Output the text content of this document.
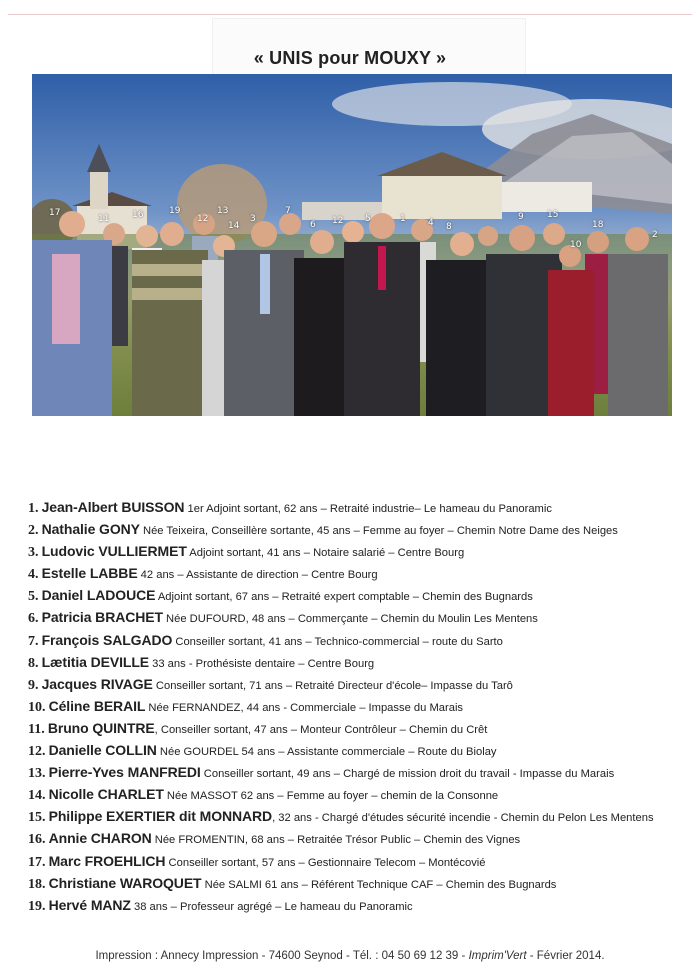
« UNIS pour MOUXY »
17
11	16	19
12
13
14
3
7
6 12 5	1 4 8
9	15
18
10
2
1. Jean-Albert BUISSON 1er Adjoint sortant, 62 ans – Retraité industrie– Le hameau du Panoramic
2. Nathalie GONY Née Teixeira, Conseillère sortante, 45 ans – Femme au foyer – Chemin Notre Dame des Neiges
3. Ludovic VULLIERMET Adjoint sortant, 41 ans – Notaire salarié – Centre Bourg
4. Estelle LABBE 42 ans – Assistante de direction – Centre Bourg
5. Daniel LADOUCE Adjoint sortant, 67 ans – Retraité expert comptable – Chemin des Bugnards
6. Patricia BRACHET Née DUFOURD, 48 ans – Commerçante – Chemin du Moulin Les Mentens
7. François SALGADO Conseiller sortant, 41 ans – Technico-commercial – route du Sarto
8. Lætitia DEVILLE 33 ans - Prothésiste dentaire – Centre Bourg
9. Jacques RIVAGE Conseiller sortant, 71 ans – Retraité Directeur d'école– Impasse du Tarô
10. Céline BERAIL Née FERNANDEZ, 44 ans - Commerciale – Impasse du Marais
11. Bruno QUINTRE, Conseiller sortant, 47 ans – Monteur Contrôleur – Chemin du Crêt
12. Danielle COLLIN Née GOURDEL 54 ans – Assistante commerciale – Route du Biolay
13. Pierre-Yves MANFREDI Conseiller sortant, 49 ans – Chargé de mission droit du travail - Impasse du Marais
14. Nicolle CHARLET Née MASSOT 62 ans – Femme au foyer – chemin de la Consonne
15. Philippe EXERTIER dit MONNARD, 32 ans - Chargé d'études sécurité incendie - Chemin du Pelon Les Mentens
16. Annie CHARON Née FROMENTIN, 68 ans – Retraitée Trésor Public – Chemin des Vignes
17. Marc FROEHLICH Conseiller sortant, 57 ans – Gestionnaire Telecom – Montécovié
18. Christiane WAROQUET Née SALMI 61 ans – Référent Technique CAF – Chemin des Bugnards
19. Hervé MANZ 38 ans – Professeur agrégé – Le hameau du Panoramic
Impression : Annecy Impression - 74600 Seynod - Tél. : 04 50 69 12 39 - Imprim'Vert - Février 2014.
